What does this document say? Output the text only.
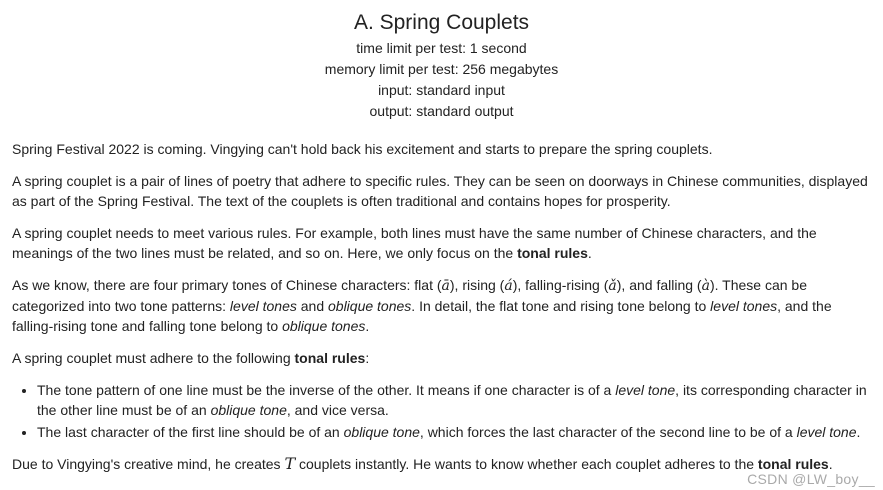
A. Spring Couplets
time limit per test: 1 second
memory limit per test: 256 megabytes
input: standard input
output: standard output

Spring Festival 2022 is coming. Vingying can't hold back his excitement and starts to prepare the spring couplets.

A spring couplet is a pair of lines of poetry that adhere to specific rules. They can be seen on doorways in Chinese communities, displayed as part of the Spring Festival. The text of the couplets is often traditional and contains hopes for prosperity.

A spring couplet needs to meet various rules. For example, both lines must have the same number of Chinese characters, and the meanings of the two lines must be related, and so on. Here, we only focus on the tonal rules.

As we know, there are four primary tones of Chinese characters: flat (ā), rising (á), falling-rising (ǎ), and falling (à). These can be categorized into two tone patterns: level tones and oblique tones. In detail, the flat tone and rising tone belong to level tones, and the falling-rising tone and falling tone belong to oblique tones.

A spring couplet must adhere to the following tonal rules:

• The tone pattern of one line must be the inverse of the other. It means if one character is of a level tone, its corresponding character in the other line must be of an oblique tone, and vice versa.
• The last character of the first line should be of an oblique tone, which forces the last character of the second line to be of a level tone.

Due to Vingying's creative mind, he creates T couplets instantly. He wants to know whether each couplet adheres to the tonal rules.

CSDN @LW_boy__
